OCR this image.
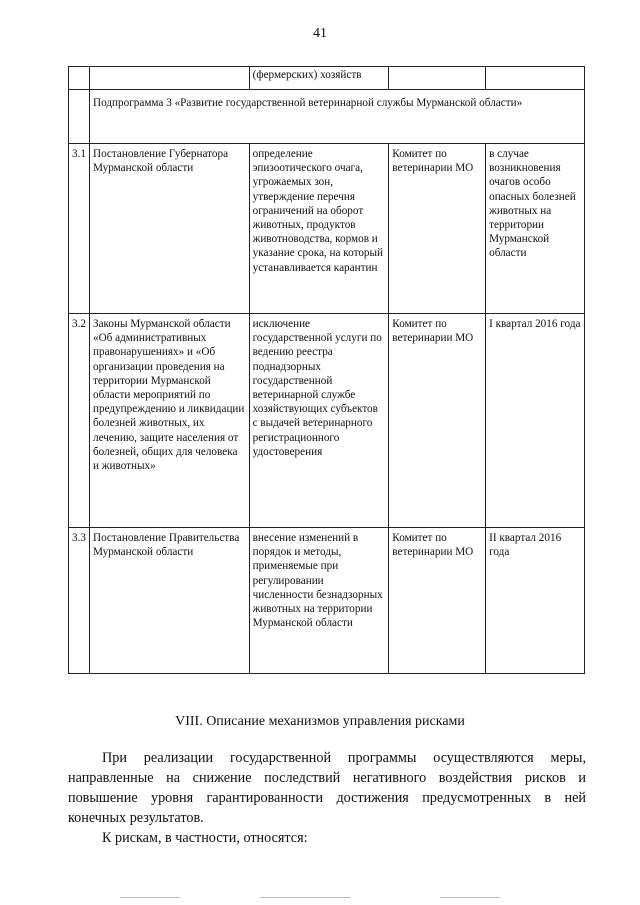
41
		(фермерских) хозяйств		
	Подпрограмма 3 «Развитие государственной ветеринарной службы Мурманской области»			
3.1	Постановление Губернатора Мурманской области	определение эпизоотического очага, угрожаемых зон, утверждение перечня ограничений на оборот животных, продуктов животноводства, кормов и указание срока, на который устанавливается карантин	Комитет по ветеринарии МО	в случае возникновения очагов особо опасных болезней животных на территории Мурманской области
3.2	Законы Мурманской области «Об административных правонарушениях» и «Об организации проведения на территории Мурманской области мероприятий по предупреждению и ликвидации болезней животных, их лечению, защите населения от болезней, общих для человека и животных»	исключение государственной услуги по ведению реестра поднадзорных государственной ветеринарной службе хозяйствующих субъектов с выдачей ветеринарного регистрационного удостоверения	Комитет по ветеринарии МО	I квартал 2016 года
3.3	Постановление Правительства Мурманской области	внесение изменений в порядок и методы, применяемые при регулировании численности безнадзорных животных на территории Мурманской области	Комитет по ветеринарии МО	II квартал 2016 года
VIII. Описание механизмов управления рисками

При реализации государственной программы осуществляются меры, направленные на снижение последствий негативного воздействия рисков и повышение уровня гарантированности достижения предусмотренных в ней конечных результатов.

К рискам, в частности, относятся:
